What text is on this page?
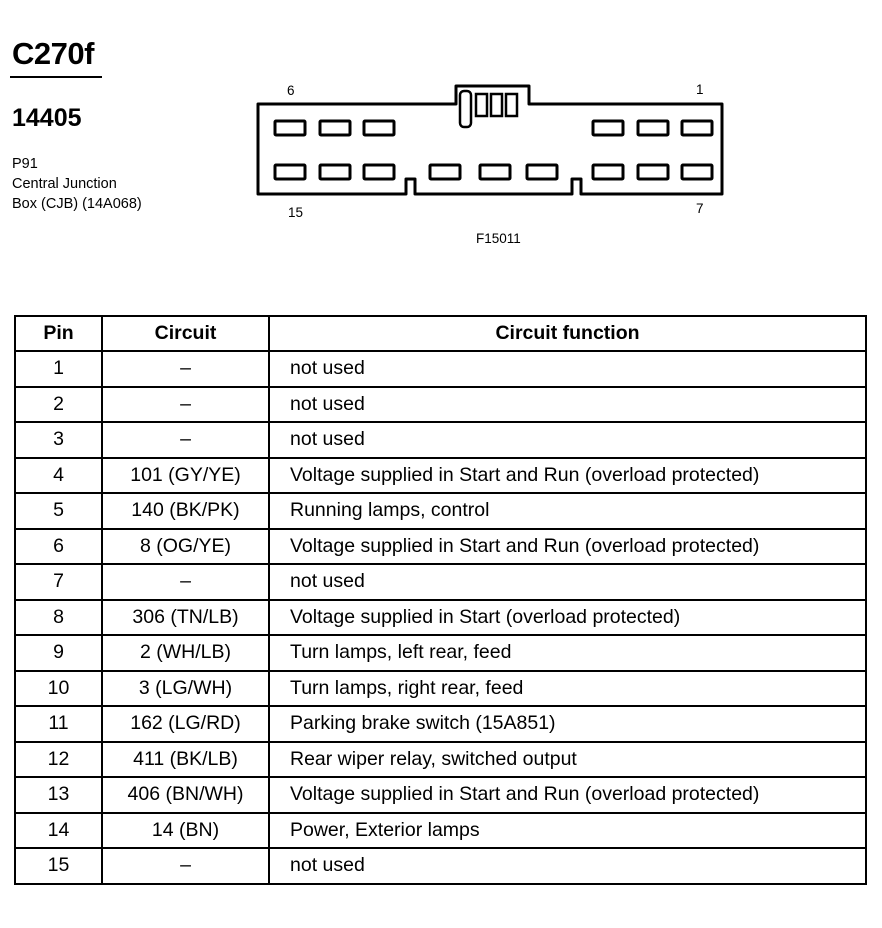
C270f
14405
P91
Central Junction
Box (CJB) (14A068)
6	1
15	7
F15011
Pin	Circuit	Circuit function
1	–	not used
2	–	not used
3	–	not used
4	101 (GY/YE)	Voltage supplied in Start and Run (overload protected)
5	140 (BK/PK)	Running lamps, control
6	8 (OG/YE)	Voltage supplied in Start and Run (overload protected)
7	–	not used
8	306 (TN/LB)	Voltage supplied in Start (overload protected)
9	2 (WH/LB)	Turn lamps, left rear, feed
10	3 (LG/WH)	Turn lamps, right rear, feed
11	162 (LG/RD)	Parking brake switch (15A851)
12	411 (BK/LB)	Rear wiper relay, switched output
13	406 (BN/WH)	Voltage supplied in Start and Run (overload protected)
14	14 (BN)	Power, Exterior lamps
15	–	not used
